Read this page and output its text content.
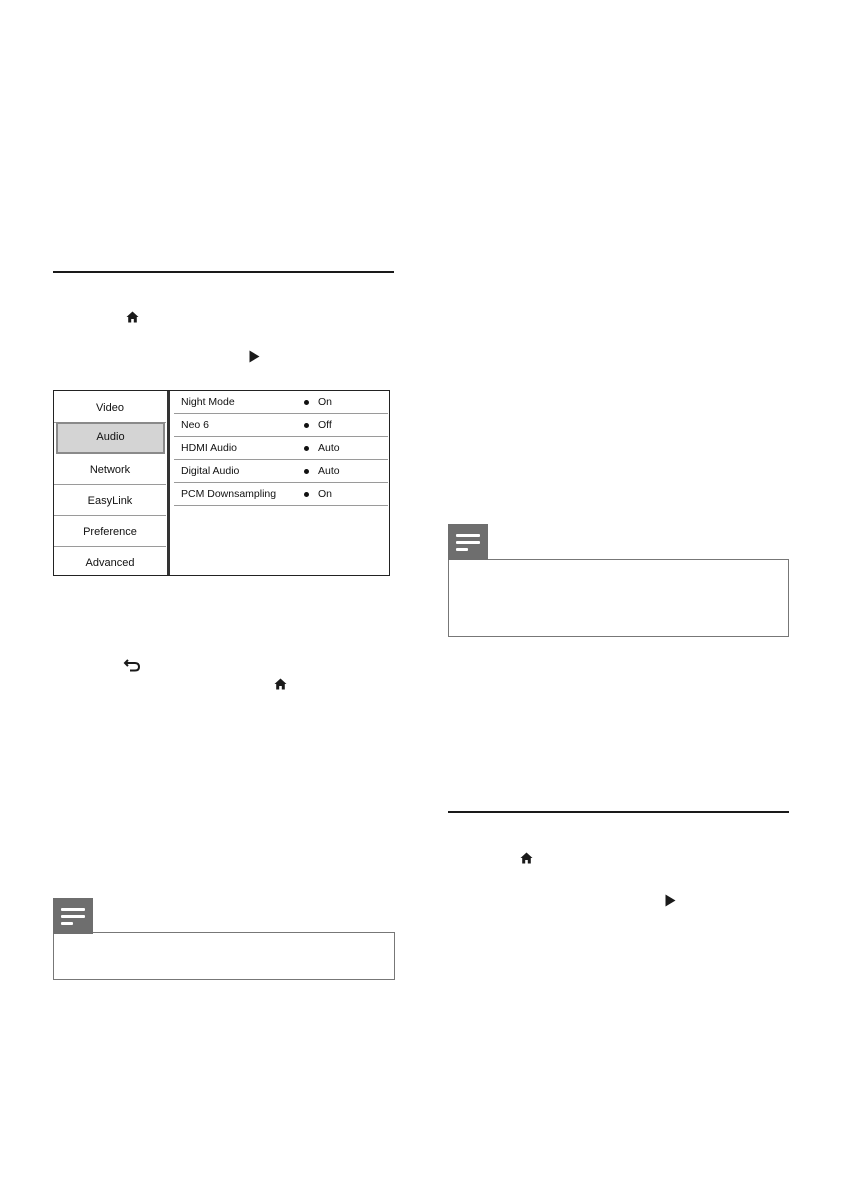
Video
Audio
Network
EasyLink
Preference
Advanced
Night Mode	On
Neo 6	Off
HDMI Audio	Auto
Digital Audio	Auto
PCM Downsampling	On
